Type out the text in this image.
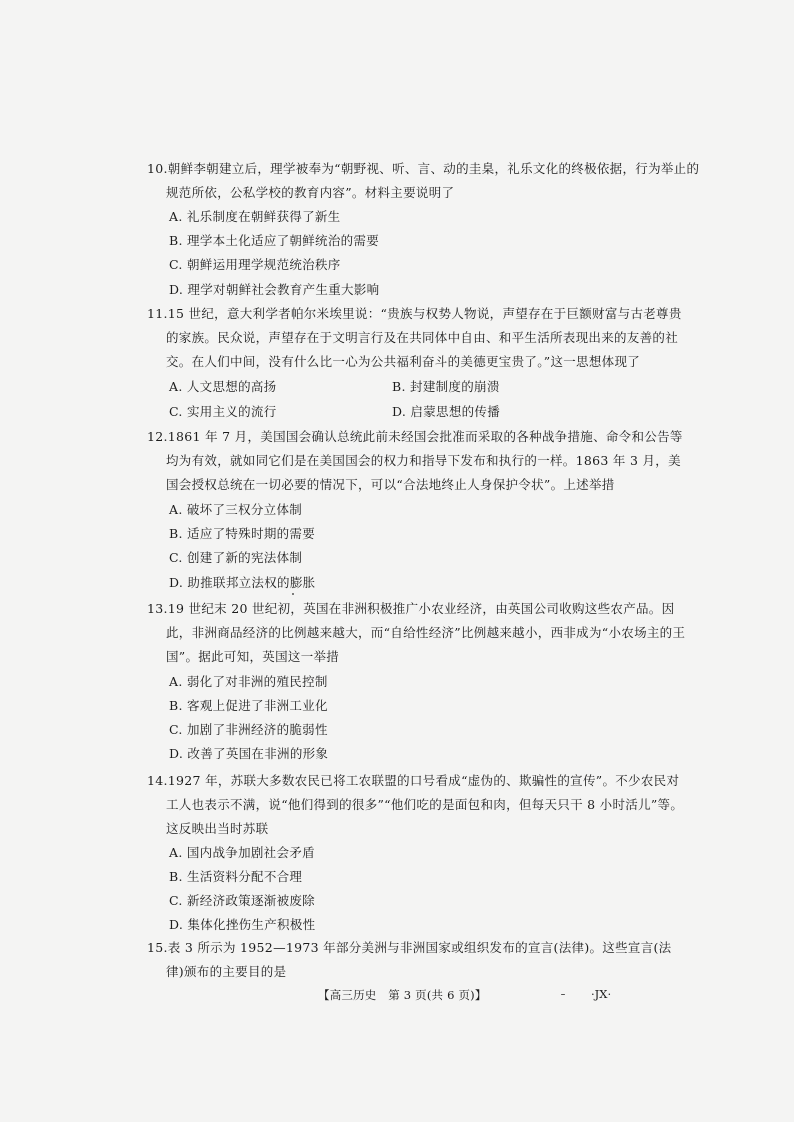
10.朝鲜李朝建立后，理学被奉为“朝野视、听、言、动的圭臬，礼乐文化的终极依据，行为举止的
规范所依，公私学校的教育内容”。材料主要说明了
A. 礼乐制度在朝鲜获得了新生
B. 理学本土化适应了朝鲜统治的需要
C. 朝鲜运用理学规范统治秩序
D. 理学对朝鲜社会教育产生重大影响
11.15 世纪，意大利学者帕尔米埃里说：“贵族与权势人物说，声望存在于巨额财富与古老尊贵
的家族。民众说，声望存在于文明言行及在共同体中自由、和平生活所表现出来的友善的社
交。在人们中间，没有什么比一心为公共福利奋斗的美德更宝贵了。”这一思想体现了
A. 人文思想的高扬	B. 封建制度的崩溃
C. 实用主义的流行	D. 启蒙思想的传播
12.1861 年 7 月，美国国会确认总统此前未经国会批准而采取的各种战争措施、命令和公告等
均为有效，就如同它们是在美国国会的权力和指导下发布和执行的一样。1863 年 3 月，美
国会授权总统在一切必要的情况下，可以“合法地终止人身保护令状”。上述举措
A. 破坏了三权分立体制
B. 适应了特殊时期的需要
C. 创建了新的宪法体制
D. 助推联邦立法权的膨胀
13.19 世纪末 20 世纪初，英国在非洲积极推广小农业经济，由英国公司收购这些农产品。因
此，非洲商品经济的比例越来越大，而“自给性经济”比例越来越小，西非成为“小农场主的王
国”。据此可知，英国这一举措
A. 弱化了对非洲的殖民控制
B. 客观上促进了非洲工业化
C. 加剧了非洲经济的脆弱性
D. 改善了英国在非洲的形象
14.1927 年，苏联大多数农民已将工农联盟的口号看成“虚伪的、欺骗性的宣传”。不少农民对
工人也表示不满，说“他们得到的很多”“他们吃的是面包和肉，但每天只干 8 小时活儿”等。
这反映出当时苏联
A. 国内战争加剧社会矛盾
B. 生活资料分配不合理
C. 新经济政策逐渐被废除
D. 集体化挫伤生产积极性
15.表 3 所示为 1952—1973 年部分美洲与非洲国家或组织发布的宣言(法律)。这些宣言(法
律)颁布的主要目的是
【高三历史　第 3 页(共 6 页)】	·JX·
